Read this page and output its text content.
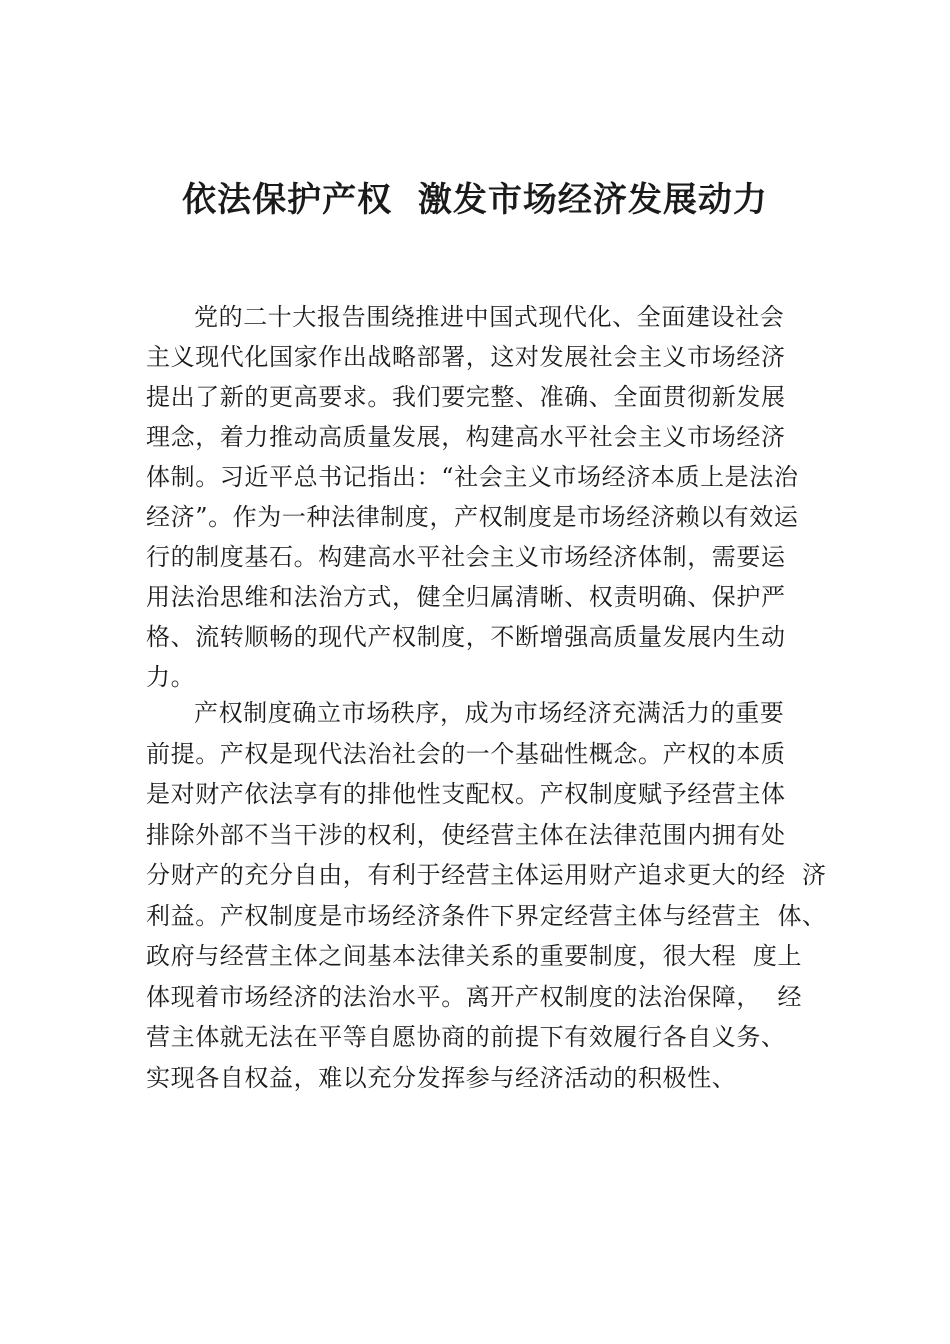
依法保护产权  激发市场经济发展动力
党的二十大报告围绕推进中国式现代化、全面建设社会
主义现代化国家作出战略部署，这对发展社会主义市场经济
提出了新的更高要求。我们要完整、准确、全面贯彻新发展
理念，着力推动高质量发展，构建高水平社会主义市场经济
体制。习近平总书记指出：“社会主义市场经济本质上是法治
经济”。作为一种法律制度，产权制度是市场经济赖以有效运
行的制度基石。构建高水平社会主义市场经济体制，需要运
用法治思维和法治方式，健全归属清晰、权责明确、保护严
格、流转顺畅的现代产权制度，不断增强高质量发展内生动
力。
产权制度确立市场秩序，成为市场经济充满活力的重要
前提。产权是现代法治社会的一个基础性概念。产权的本质
是对财产依法享有的排他性支配权。产权制度赋予经营主体
排除外部不当干涉的权利，使经营主体在法律范围内拥有处
分财产的充分自由，有利于经营主体运用财产追求更大的经  济
利益。产权制度是市场经济条件下界定经营主体与经营主  体、
政府与经营主体之间基本法律关系的重要制度，很大程  度上
体现着市场经济的法治水平。离开产权制度的法治保障，  经
营主体就无法在平等自愿协商的前提下有效履行各自义务、
实现各自权益，难以充分发挥参与经济活动的积极性、
